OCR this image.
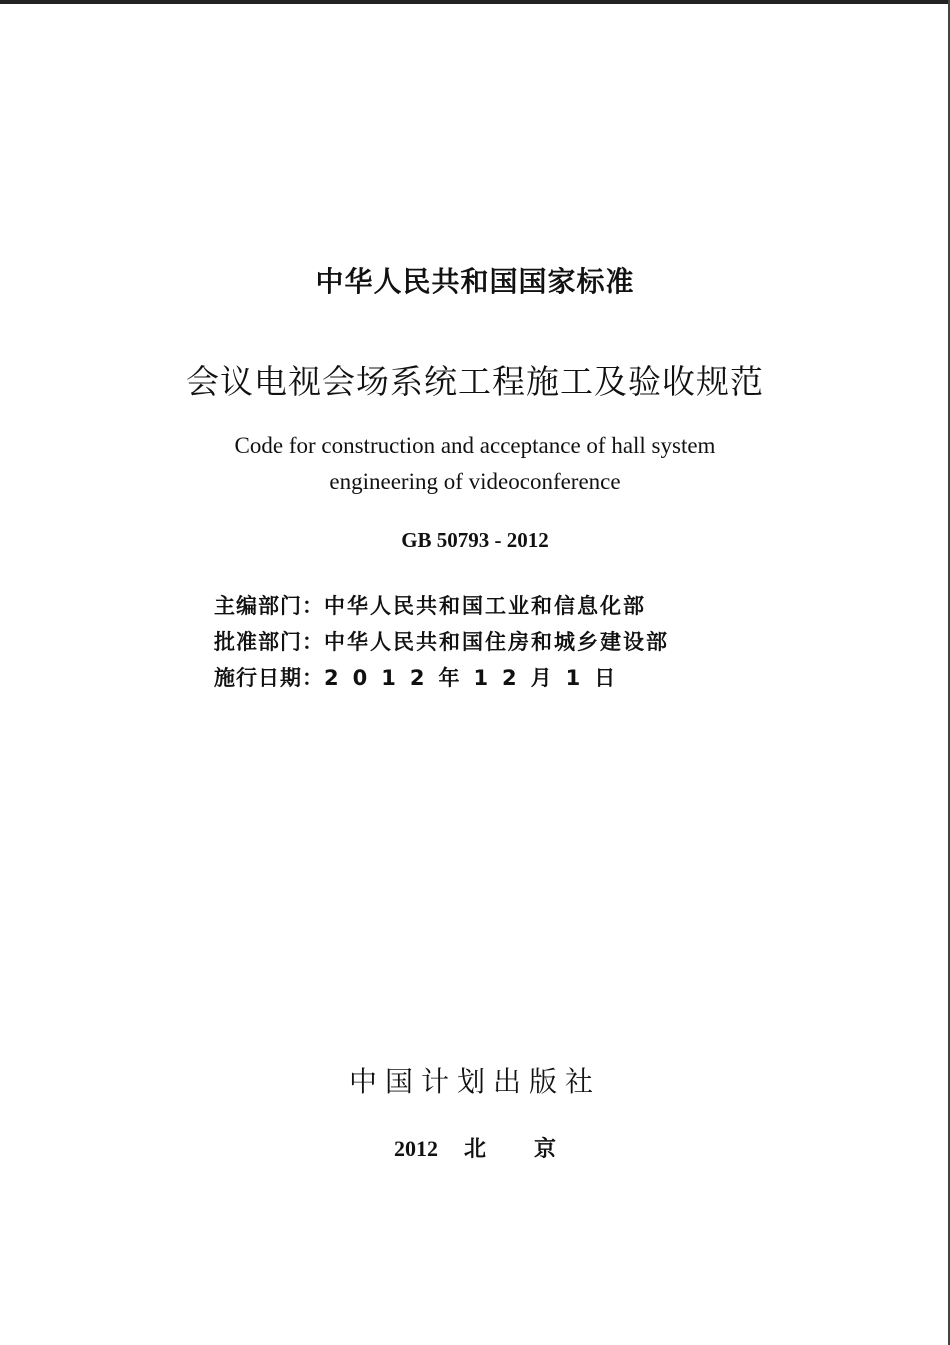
中华人民共和国国家标准
会议电视会场系统工程施工及验收规范
Code for construction and acceptance of hall system
engineering of videoconference
GB 50793 - 2012
主编部门：中华人民共和国工业和信息化部
批准部门：中华人民共和国住房和城乡建设部
施行日期：2012年12月1日
中国计划出版社
2012 北 京
